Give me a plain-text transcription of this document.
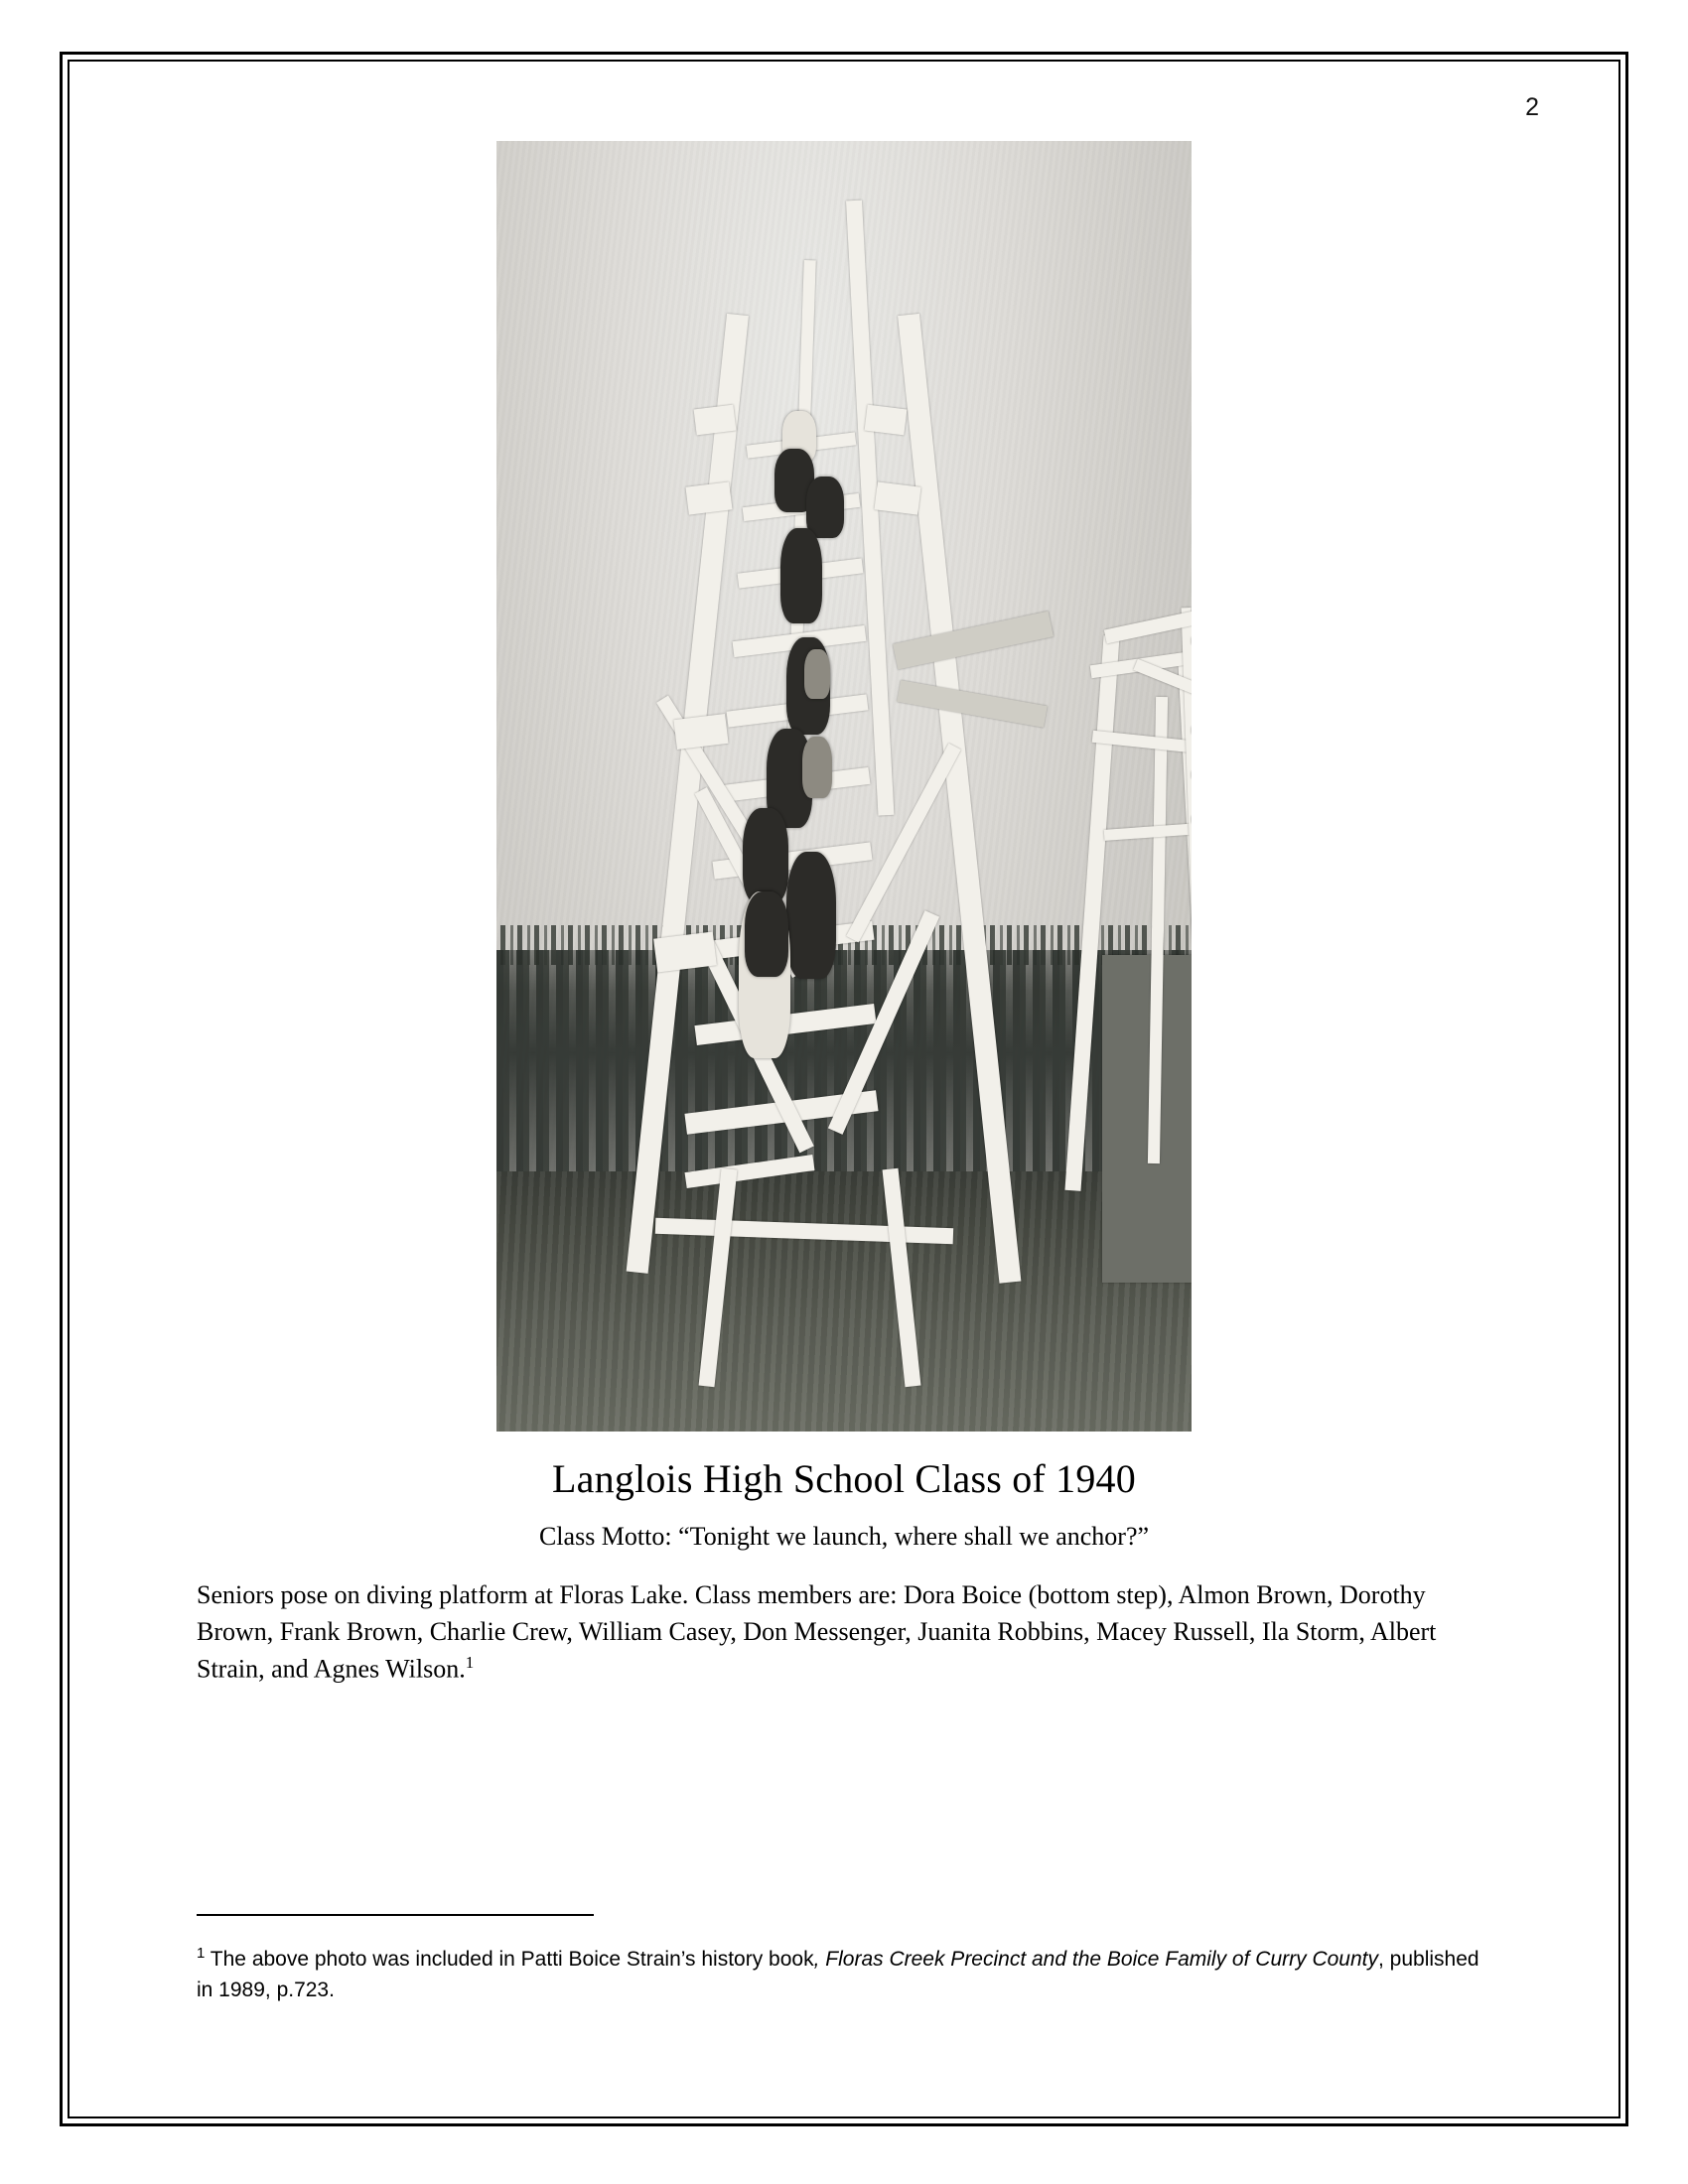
2
Langlois High School Class of 1940
Class Motto: “Tonight we launch, where shall we anchor?”
Seniors pose on diving platform at Floras Lake. Class members are: Dora Boice (bottom step), Almon Brown, Dorothy Brown, Frank Brown, Charlie Crew, William Casey, Don Messenger, Juanita Robbins, Macey Russell, Ila Storm, Albert Strain, and Agnes Wilson.$^1$
$^1$ The above photo was included in Patti Boice Strain’s history book, Floras Creek Precinct and the Boice Family of Curry County, published in 1989, p.723.
